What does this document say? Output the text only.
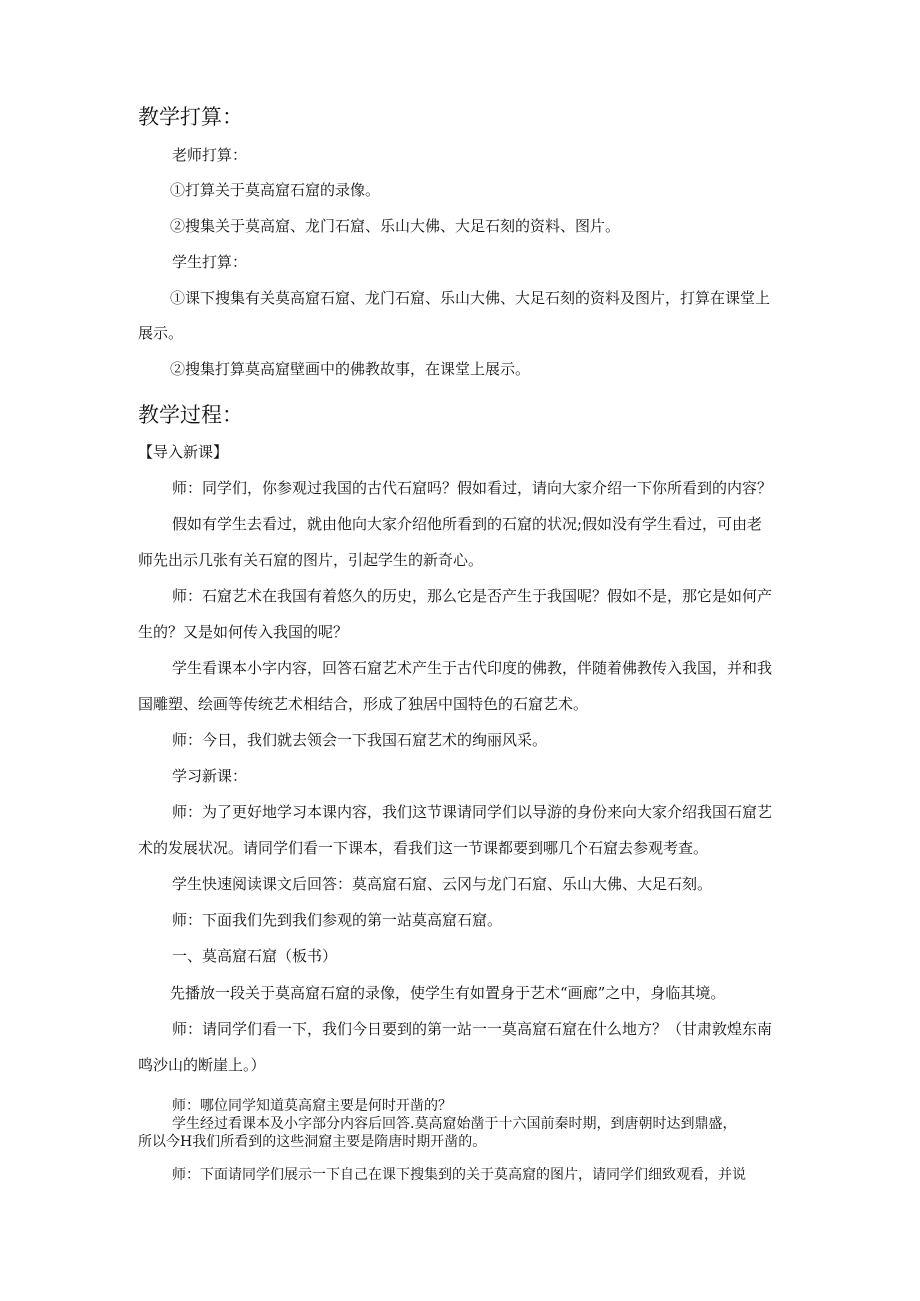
教学打算：
老师打算：
①打算关于莫高窟石窟的录像。
②搜集关于莫高窟、龙门石窟、乐山大佛、大足石刻的资料、图片。
学生打算：
①课下搜集有关莫高窟石窟、龙门石窟、乐山大佛、大足石刻的资料及图片，打算在课堂上
展示。
②搜集打算莫高窟壁画中的佛教故事，在课堂上展示。
教学过程：
【导入新课】
师：同学们，你参观过我国的古代石窟吗？假如看过，请向大家介绍一下你所看到的内容？
假如有学生去看过，就由他向大家介绍他所看到的石窟的状况;假如没有学生看过，可由老
师先出示几张有关石窟的图片，引起学生的新奇心。
师：石窟艺术在我国有着悠久的历史，那么它是否产生于我国呢？假如不是，那它是如何产
生的？又是如何传入我国的呢？
学生看课本小字内容，回答石窟艺术产生于古代印度的佛教，伴随着佛教传入我国，并和我
国雕塑、绘画等传统艺术相结合，形成了独居中国特色的石窟艺术。
师：今日，我们就去领会一下我国石窟艺术的绚丽风采。
学习新课：
师：为了更好地学习本课内容，我们这节课请同学们以导游的身份来向大家介绍我国石窟艺
术的发展状况。请同学们看一下课本，看我们这一节课都要到哪几个石窟去参观考查。
学生快速阅读课文后回答：莫高窟石窟、云冈与龙门石窟、乐山大佛、大足石刻。
师：下面我们先到我们参观的第一站莫高窟石窟。
一、莫高窟石窟（板书）
先播放一段关于莫高窟石窟的录像，使学生有如置身于艺术“画廊”之中，身临其境。
师：请同学们看一下，我们今日要到的第一站一一莫高窟石窟在什么地方？（甘肃敦煌东南
鸣沙山的断崖上。）
师：哪位同学知道莫高窟主要是何时开凿的？
学生经过看课本及小字部分内容后回答.莫高窟始凿于十六国前秦时期，到唐朝时达到鼎盛，
所以今H我们所看到的这些洞窟主要是隋唐时期开凿的。
师：下面请同学们展示一下自己在课下搜集到的关于莫高窟的图片，请同学们细致观看，并说
